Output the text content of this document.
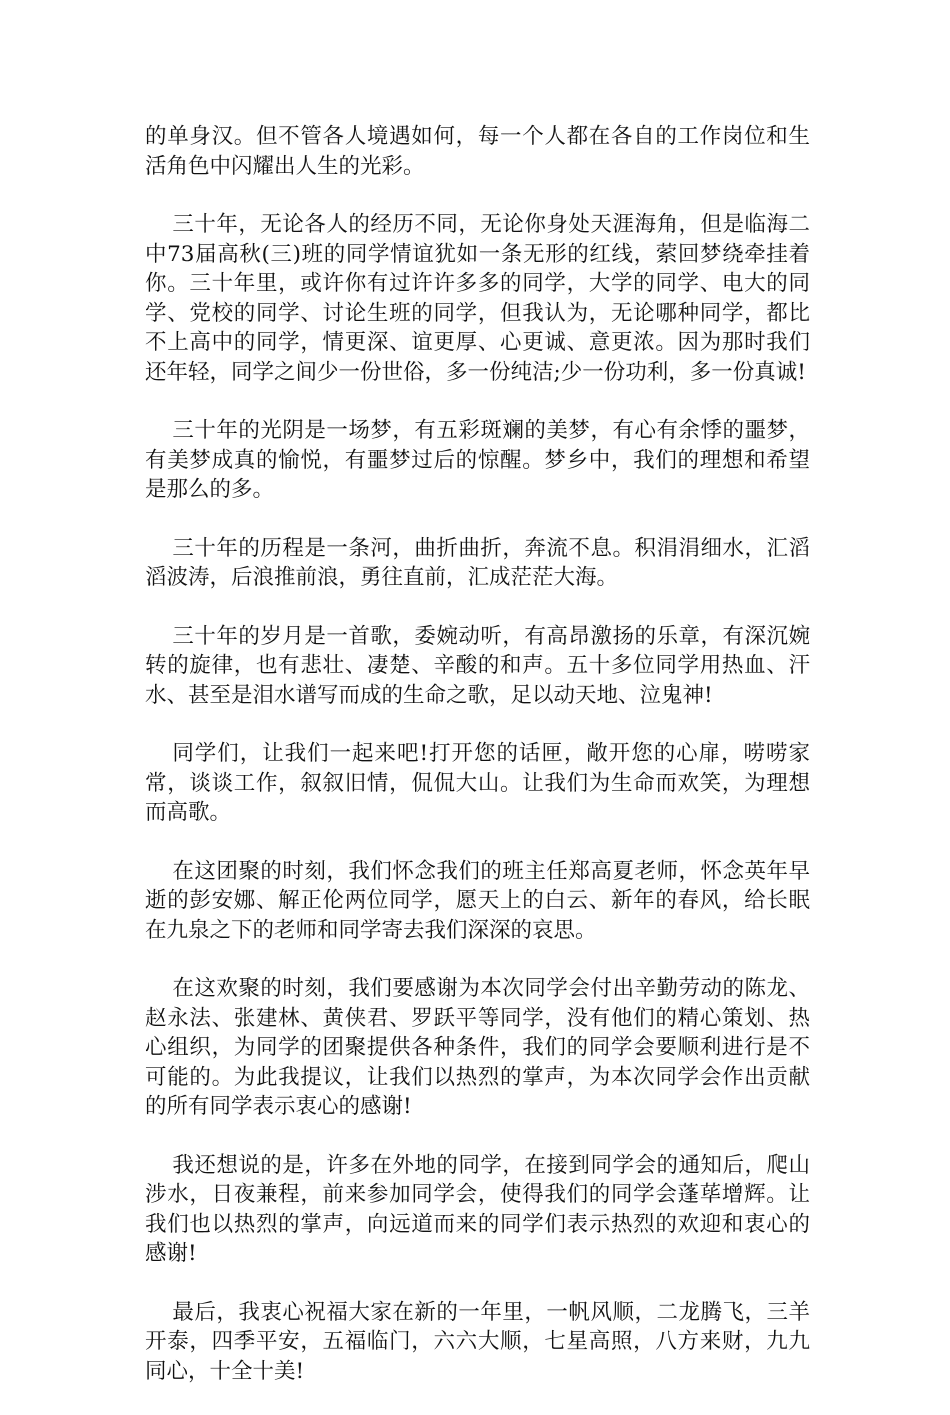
的单身汉。但不管各人境遇如何，每一个人都在各自的工作岗位和生活角色中闪耀出人生的光彩。

三十年，无论各人的经历不同，无论你身处天涯海角，但是临海二中73届高秋(三)班的同学情谊犹如一条无形的红线，萦回梦绕牵挂着你。三十年里，或许你有过许许多多的同学，大学的同学、电大的同学、党校的同学、讨论生班的同学，但我认为，无论哪种同学，都比不上高中的同学，情更深、谊更厚、心更诚、意更浓。因为那时我们还年轻，同学之间少一份世俗，多一份纯洁;少一份功利，多一份真诚!

三十年的光阴是一场梦，有五彩斑斓的美梦，有心有余悸的噩梦，有美梦成真的愉悦，有噩梦过后的惊醒。梦乡中，我们的理想和希望是那么的多。

三十年的历程是一条河，曲折曲折，奔流不息。积涓涓细水，汇滔滔波涛，后浪推前浪，勇往直前，汇成茫茫大海。

三十年的岁月是一首歌，委婉动听，有高昂激扬的乐章，有深沉婉转的旋律，也有悲壮、凄楚、辛酸的和声。五十多位同学用热血、汗水、甚至是泪水谱写而成的生命之歌，足以动天地、泣鬼神!

同学们，让我们一起来吧!打开您的话匣，敞开您的心扉，唠唠家常，谈谈工作，叙叙旧情，侃侃大山。让我们为生命而欢笑，为理想而高歌。

在这团聚的时刻，我们怀念我们的班主任郑高夏老师，怀念英年早逝的彭安娜、解正伦两位同学，愿天上的白云、新年的春风，给长眠在九泉之下的老师和同学寄去我们深深的哀思。

在这欢聚的时刻，我们要感谢为本次同学会付出辛勤劳动的陈龙、赵永法、张建林、黄侠君、罗跃平等同学，没有他们的精心策划、热心组织，为同学的团聚提供各种条件，我们的同学会要顺利进行是不可能的。为此我提议，让我们以热烈的掌声，为本次同学会作出贡献的所有同学表示衷心的感谢!

我还想说的是，许多在外地的同学，在接到同学会的通知后，爬山涉水，日夜兼程，前来参加同学会，使得我们的同学会蓬荜增辉。让我们也以热烈的掌声，向远道而来的同学们表示热烈的欢迎和衷心的感谢!

最后，我衷心祝福大家在新的一年里，一帆风顺，二龙腾飞，三羊开泰，四季平安，五福临门，六六大顺，七星高照，八方来财，九九同心，十全十美!
